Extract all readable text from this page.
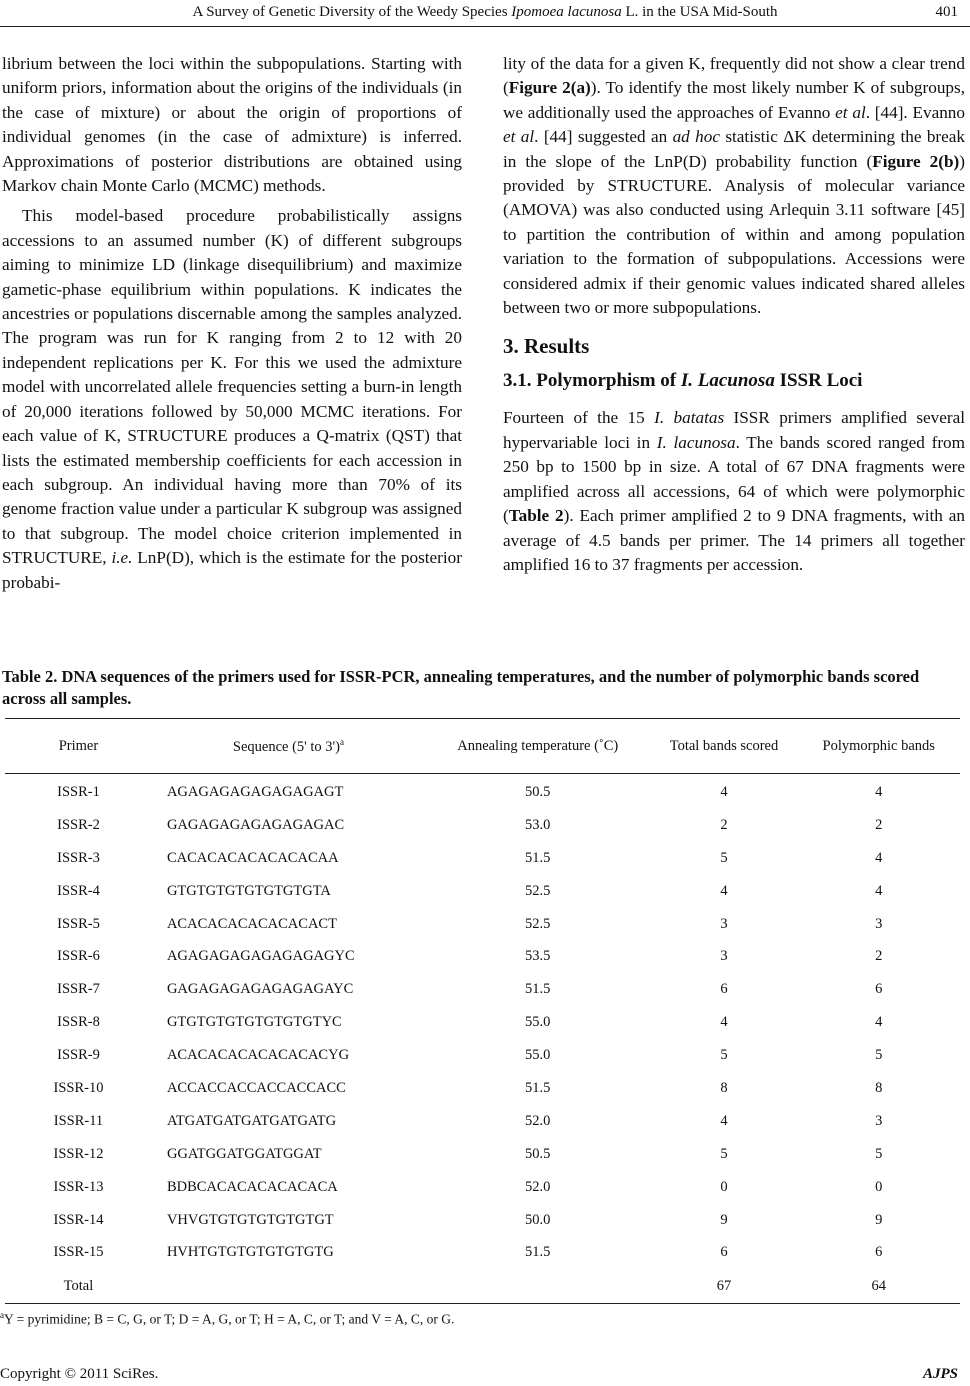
A Survey of Genetic Diversity of the Weedy Species Ipomoea lacunosa L. in the USA Mid-South	401

librium between the loci within the subpopulations. Starting with uniform priors, information about the origins of the individuals (in the case of mixture) or about the origin of proportions of individual genomes (in the case of admixture) is inferred. Approximations of posterior distributions are obtained using Markov chain Monte Carlo (MCMC) methods.

This model-based procedure probabilistically assigns accessions to an assumed number (K) of different subgroups aiming to minimize LD (linkage disequilibrium) and maximize gametic-phase equilibrium within populations. K indicates the ancestries or populations discernable among the samples analyzed. The program was run for K ranging from 2 to 12 with 20 independent replications per K. For this we used the admixture model with uncorrelated allele frequencies setting a burn-in length of 20,000 iterations followed by 50,000 MCMC iterations. For each value of K, STRUCTURE produces a Q-matrix (QST) that lists the estimated membership coefficients for each accession in each subgroup. An individual having more than 70% of its genome fraction value under a particular K subgroup was assigned to that subgroup. The model choice criterion implemented in STRUCTURE, i.e. LnP(D), which is the estimate for the posterior probabi-

lity of the data for a given K, frequently did not show a clear trend (Figure 2(a)). To identify the most likely number K of subgroups, we additionally used the approaches of Evanno et al. [44]. Evanno et al. [44] suggested an ad hoc statistic ΔK determining the break in the slope of the LnP(D) probability function (Figure 2(b)) provided by STRUCTURE. Analysis of molecular variance (AMOVA) was also conducted using Arlequin 3.11 software [45] to partition the contribution of within and among population variation to the formation of subpopulations. Accessions were considered admix if their genomic values indicated shared alleles between two or more subpopulations.

3. Results
3.1. Polymorphism of I. Lacunosa ISSR Loci

Fourteen of the 15 I. batatas ISSR primers amplified several hypervariable loci in I. lacunosa. The bands scored ranged from 250 bp to 1500 bp in size. A total of 67 DNA fragments were amplified across all accessions, 64 of which were polymorphic (Table 2). Each primer amplified 2 to 9 DNA fragments, with an average of 4.5 bands per primer. The 14 primers all together amplified 16 to 37 fragments per accession.

Table 2. DNA sequences of the primers used for ISSR-PCR, annealing temperatures, and the number of polymorphic bands scored across all samples.
Primer	Sequence (5' to 3')$^a$	Annealing temperature (˚C)	Total bands scored	Polymorphic bands
ISSR-1	AGAGAGAGAGAGAGAGT	50.5	4	4
ISSR-2	GAGAGAGAGAGAGAGAC	53.0	2	2
ISSR-3	CACACACACACACACAA	51.5	5	4
ISSR-4	GTGTGTGTGTGTGTGTA	52.5	4	4
ISSR-5	ACACACACACACACACT	52.5	3	3
ISSR-6	AGAGAGAGAGAGAGAGYC	53.5	3	2
ISSR-7	GAGAGAGAGAGAGAGAYC	51.5	6	6
ISSR-8	GTGTGTGTGTGTGTGTYC	55.0	4	4
ISSR-9	ACACACACACACACACYG	55.0	5	5
ISSR-10	ACCACCACCACCACCACC	51.5	8	8
ISSR-11	ATGATGATGATGATGATG	52.0	4	3
ISSR-12	GGATGGATGGATGGAT	50.5	5	5
ISSR-13	BDBCACACACACACACA	52.0	0	0
ISSR-14	VHVGTGTGTGTGTGTGT	50.0	9	9
ISSR-15	HVHTGTGTGTGTGTGTG	51.5	6	6
Total			67	64
$^a$Y = pyrimidine; B = C, G, or T; D = A, G, or T; H = A, C, or T; and V = A, C, or G.
Copyright © 2011 SciRes.	AJPS
